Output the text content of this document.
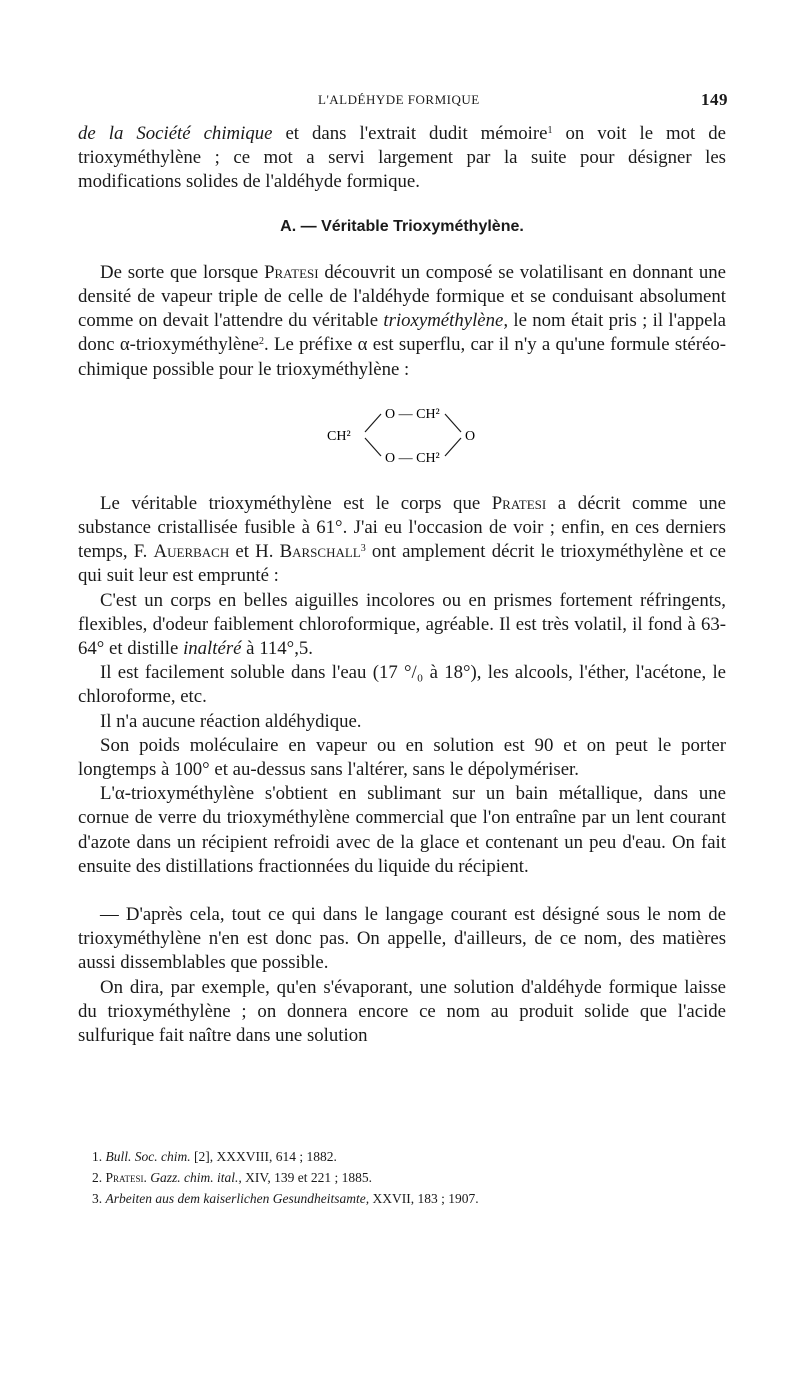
L'ALDÉHYDE FORMIQUE	149

de la Société chimique et dans l'extrait dudit mémoire$^1$ on voit le mot de trioxyméthylène ; ce mot a servi largement par la suite pour désigner les modifications solides de l'aldéhyde formique.

A. — Véritable Trioxyméthylène.

De sorte que lorsque Pratesi découvrit un composé se volatilisant en donnant une densité de vapeur triple de celle de l'aldéhyde formique et se conduisant absolument comme on devait l'attendre du véritable trioxyméthylène, le nom était pris ; il l'appela donc α-trioxyméthylène$^2$. Le préfixe α est superflu, car il n'y a qu'une formule stéréo-chimique possible pour le trioxyméthylène :

O — CH²
CH²	O
O — CH²

Le véritable trioxyméthylène est le corps que Pratesi a décrit comme une substance cristallisée fusible à 61°. J'ai eu l'occasion de voir ; enfin, en ces derniers temps, F. Auerbach et H. Barschall$^3$ ont amplement décrit le trioxyméthylène et ce qui suit leur est emprunté :

C'est un corps en belles aiguilles incolores ou en prismes fortement réfringents, flexibles, d'odeur faiblement chloroformique, agréable. Il est très volatil, il fond à 63-64° et distille inaltéré à 114°,5.

Il est facilement soluble dans l'eau (17 °/₀ à 18°), les alcools, l'éther, l'acétone, le chloroforme, etc.

Il n'a aucune réaction aldéhydique.

Son poids moléculaire en vapeur ou en solution est 90 et on peut le porter longtemps à 100° et au-dessus sans l'altérer, sans le dépolymériser.

L'α-trioxyméthylène s'obtient en sublimant sur un bain métallique, dans une cornue de verre du trioxyméthylène commercial que l'on entraîne par un lent courant d'azote dans un récipient refroidi avec de la glace et contenant un peu d'eau. On fait ensuite des distillations fractionnées du liquide du récipient.

— D'après cela, tout ce qui dans le langage courant est désigné sous le nom de trioxyméthylène n'en est donc pas. On appelle, d'ailleurs, de ce nom, des matières aussi dissemblables que possible.

On dira, par exemple, qu'en s'évaporant, une solution d'aldéhyde formique laisse du trioxyméthylène ; on donnera encore ce nom au produit solide que l'acide sulfurique fait naître dans une solution

1. Bull. Soc. chim. [2], XXXVIII, 614 ; 1882.

2. Pratesi. Gazz. chim. ital., XIV, 139 et 221 ; 1885.

3. Arbeiten aus dem kaiserlichen Gesundheitsamte, XXVII, 183 ; 1907.
